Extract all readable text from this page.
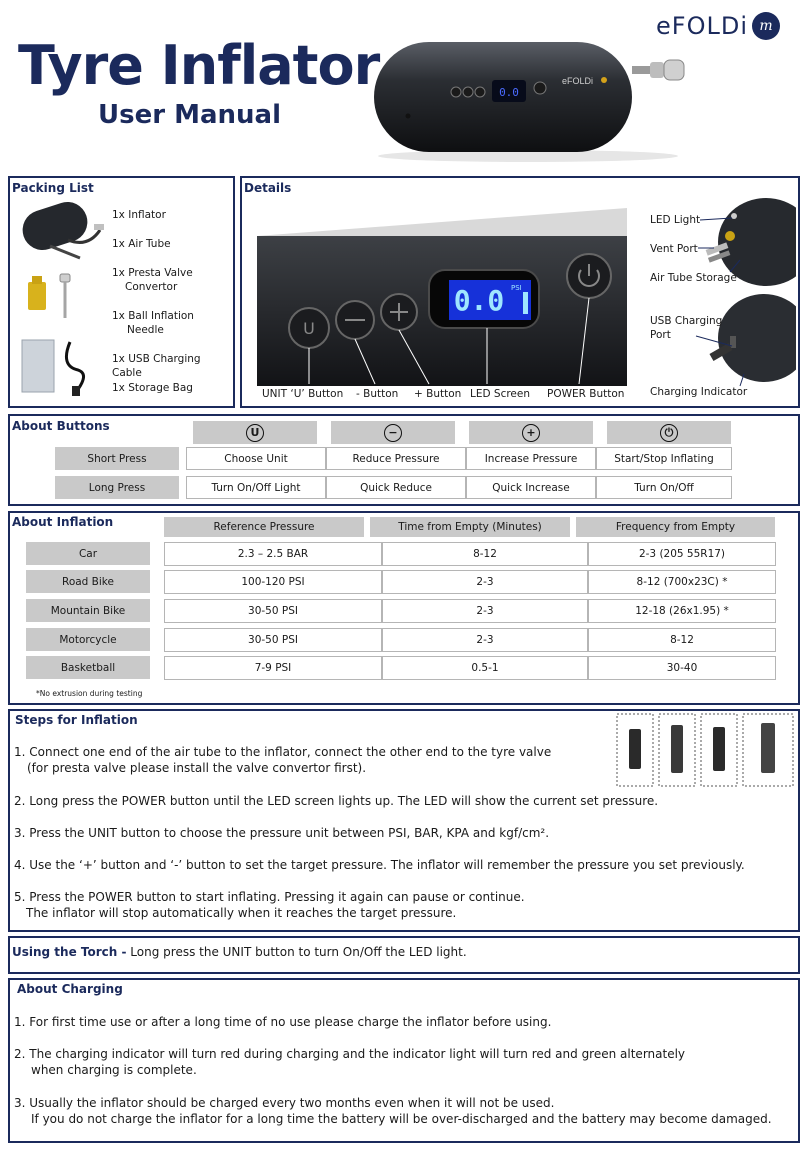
Tyre Inflator
User Manual
eFOLDi m
0.0
eFOLDi
Packing List
1x Inflator
1x Air Tube
1x Presta Valve
Convertor
1x Ball Inflation
Needle
1x USB Charging Cable
1x Storage Bag
Details
U
0.0 PSI
UNIT ‘U’ Button - Button + Button LED Screen POWER Button
LED Light
Vent Port
Air Tube Storage
USB Charging
Port
Charging Indicator
About Buttons	U	−	+	⏻
Short Press	Choose Unit	Reduce Pressure	Increase Pressure	Start/Stop Inflating
Long Press	Turn On/Off Light	Quick Reduce	Quick Increase	Turn On/Off
About Inflation	Reference Pressure	Time from Empty (Minutes)	Frequency from Empty
Car	2.3 – 2.5 BAR	8-12	2-3 (205 55R17)
Road Bike	100-120 PSI	2-3	8-12 (700x23C) *
Mountain Bike	30-50 PSI	2-3	12-18 (26x1.95) *
Motorcycle	30-50 PSI	2-3	8-12
Basketball	7-9 PSI	0.5-1	30-40
*No extrusion during testing
Steps for Inflation
1. Connect one end of the air tube to the inflator, connect the other end to the tyre valve
(for presta valve please install the valve convertor first).
2. Long press the POWER button until the LED screen lights up. The LED will show the current set pressure.
3. Press the UNIT button to choose the pressure unit between PSI, BAR, KPA and kgf/cm².
4. Use the ‘+’ button and ‘-’ button to set the target pressure. The inflator will remember the pressure you set previously.
5. Press the POWER button to start inflating. Pressing it again can pause or continue.
The inflator will stop automatically when it reaches the target pressure.
Using the Torch - Long press the UNIT button to turn On/Off the LED light.
About Charging
1. For first time use or after a long time of no use please charge the inflator before using.
2. The charging indicator will turn red during charging and the indicator light will turn red and green alternately
when charging is complete.
3. Usually the inflator should be charged every two months even when it will not be used.
If you do not charge the inflator for a long time the battery will be over-discharged and the battery may become damaged.
